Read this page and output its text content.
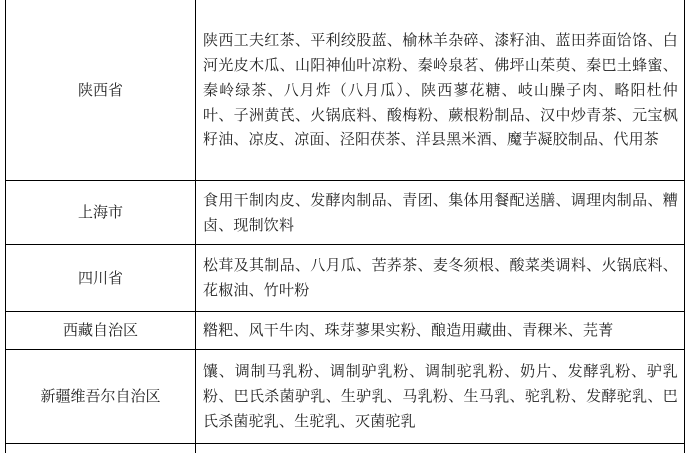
陕西省	陕西工夫红茶、平利绞股蓝、榆林羊杂碎、漆籽油、蓝田荞面饸饹、白河光皮木瓜、山阳神仙叶凉粉、秦岭泉茗、佛坪山茱萸、秦巴土蜂蜜、秦岭绿茶、八月炸（八月瓜）、陕西蓼花糖、岐山臊子肉、略阳杜仲叶、子洲黄芪、火锅底料、酸梅粉、蕨根粉制品、汉中炒青茶、元宝枫籽油、凉皮、凉面、泾阳茯茶、洋县黑米酒、魔芋凝胶制品、代用茶
上海市	食用干制肉皮、发酵肉制品、青团、集体用餐配送膳、调理肉制品、糟卤、现制饮料
四川省	松茸及其制品、八月瓜、苦荞茶、麦冬须根、酸菜类调料、火锅底料、花椒油、竹叶粉
西藏自治区	糌粑、风干牛肉、珠芽蓼果实粉、酿造用藏曲、青稞米、芫菁
新疆维吾尔自治区	馕、调制马乳粉、调制驴乳粉、调制驼乳粉、奶片、发酵乳粉、驴乳粉、巴氏杀菌驴乳、生驴乳、马乳粉、生马乳、驼乳粉、发酵驼乳、巴氏杀菌驼乳、生驼乳、灭菌驼乳
